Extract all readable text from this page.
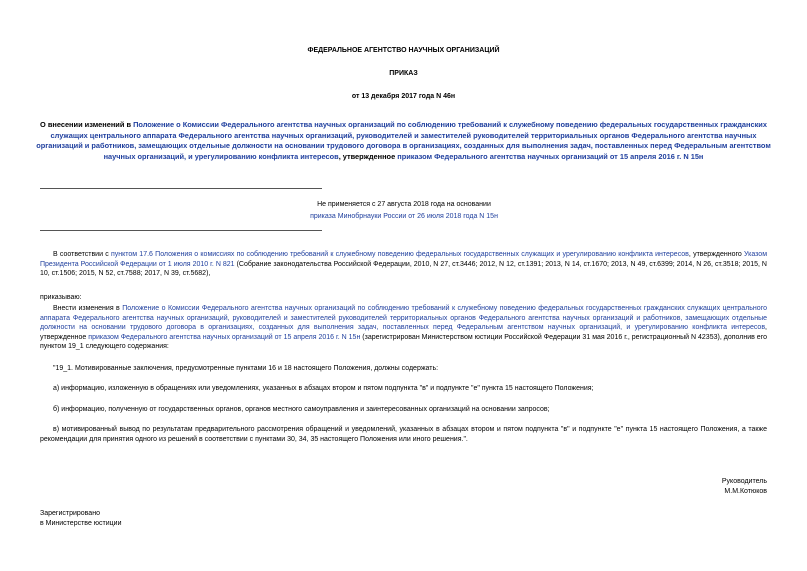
ФЕДЕРАЛЬНОЕ АГЕНТСТВО НАУЧНЫХ ОРГАНИЗАЦИЙ
ПРИКАЗ
от 13 декабря 2017 года N 46н
О внесении изменений в Положение о Комиссии Федерального агентства научных организаций по соблюдению требований к служебному поведению федеральных государственных гражданских служащих центрального аппарата Федерального агентства научных организаций, руководителей и заместителей руководителей территориальных органов Федерального агентства научных организаций и работников, замещающих отдельные должности на основании трудового договора в организациях, созданных для выполнения задач, поставленных перед Федеральным агентством научных организаций, и урегулированию конфликта интересов, утвержденное приказом Федерального агентства научных организаций от 15 апреля 2016 г. N 15н
Не применяется с 27 августа 2018 года на основании
приказа Минобрнауки России от 26 июля 2018 года N 15н

В соответствии с пунктом 17.6 Положения о комиссиях по соблюдению требований к служебному поведению федеральных государственных служащих и урегулированию конфликта интересов, утвержденного Указом Президента Российской Федерации от 1 июля 2010 г. N 821 (Собрание законодательства Российской Федерации, 2010, N 27, ст.3446; 2012, N 12, ст.1391; 2013, N 14, ст.1670; 2013, N 49, ст.6399; 2014, N 26, ст.3518; 2015, N 10, ст.1506; 2015, N 52, ст.7588; 2017, N 39, ст.5682),

приказываю:

Внести изменения в Положение о Комиссии Федерального агентства научных организаций по соблюдению требований к служебному поведению федеральных государственных гражданских служащих центрального аппарата Федерального агентства научных организаций, руководителей и заместителей руководителей территориальных органов Федерального агентства научных организаций и работников, замещающих отдельные должности на основании трудового договора в организациях, созданных для выполнения задач, поставленных перед Федеральным агентством научных организаций, и урегулированию конфликта интересов, утвержденное приказом Федерального агентства научных организаций от 15 апреля 2016 г. N 15н (зарегистрирован Министерством юстиции Российской Федерации 31 мая 2016 г., регистрационный N 42353), дополнив его пунктом 19_1 следующего содержания:

"19_1. Мотивированные заключения, предусмотренные пунктами 16 и 18 настоящего Положения, должны содержать:

а) информацию, изложенную в обращениях или уведомлениях, указанных в абзацах втором и пятом подпункта "в" и подпункте "е" пункта 15 настоящего Положения;

б) информацию, полученную от государственных органов, органов местного самоуправления и заинтересованных организаций на основании запросов;

в) мотивированный вывод по результатам предварительного рассмотрения обращений и уведомлений, указанных в абзацах втором и пятом подпункта "в" и подпункте "е" пункта 15 настоящего Положения, а также рекомендации для принятия одного из решений в соответствии с пунктами 30, 34, 35 настоящего Положения или иного решения.".

Руководитель
М.М.Котюков
Зарегистрировано
в Министерстве юстиции
